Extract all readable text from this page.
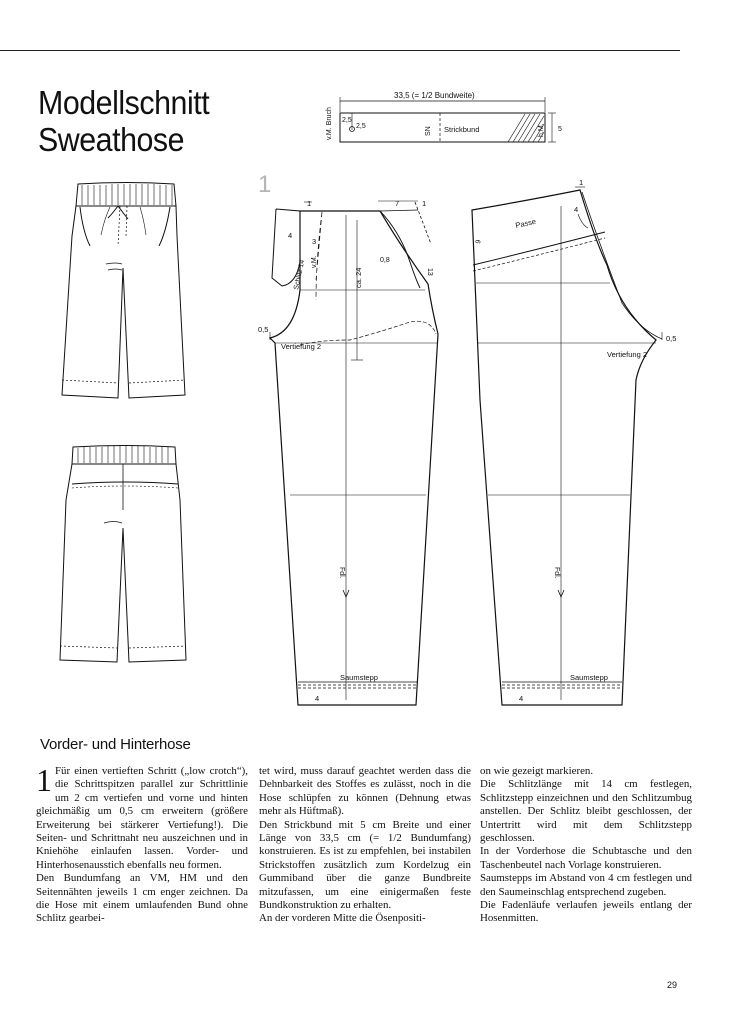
Modellschnitt
Sweathose
33,5 (= 1/2 Bundweite)
v.M. Bruch 2,5
2,5	SN Strickbund	h.M. 5
1
1	7	1
4
3
Schlitz 14 v.M.
ca. 24
0,8
13
0,5
Vertiefung 2
Fdl.
Saumstepp
4
1
4
Passe
9
0,5
Vertiefung 2
Fdl.
Saumstepp
4
Vorder- und Hinterhose
1 Für einen vertieften Schritt („low crotch“), die Schrittspitzen parallel zur Schrittlinie um 2 cm vertiefen und vorne und hinten gleichmäßig um 0,5 cm erweitern (größere Erweiterung bei stärkerer Vertiefung!). Die Seiten- und Schrittnaht neu auszeichnen und in Kniehöhe einlaufen lassen. Vorder- und Hinterhosenausstich ebenfalls neu formen.

Den Bundumfang an VM, HM und den Seitennähten jeweils 1 cm enger zeichnen. Da die Hose mit einem umlaufenden Bund ohne Schlitz gearbei-

tet wird, muss darauf geachtet werden dass die Dehnbarkeit des Stoffes es zulässt, noch in die Hose schlüpfen zu können (Dehnung etwas mehr als Hüftmaß).

Den Strickbund mit 5 cm Breite und einer Länge von 33,5 cm (= 1/2 Bundumfang) konstruieren. Es ist zu empfehlen, bei instabilen Strickstoffen zusätzlich zum Kordelzug ein Gummiband über die ganze Bundbreite mitzufassen, um eine einigermaßen feste Bundkonstruktion zu erhalten.

An der vorderen Mitte die Ösenpositi-

on wie gezeigt markieren.

Die Schlitzlänge mit 14 cm festlegen, Schlitzstepp einzeichnen und den Schlitzumbug anstellen. Der Schlitz bleibt geschlossen, der Untertritt wird mit dem Schlitzstepp geschlossen.

In der Vorderhose die Schubtasche und den Taschenbeutel nach Vorlage konstruieren.

Saumstepps im Abstand von 4 cm festlegen und den Saumeinschlag entsprechend zugeben.

Die Fadenläufe verlaufen jeweils entlang der Hosenmitten.

29
